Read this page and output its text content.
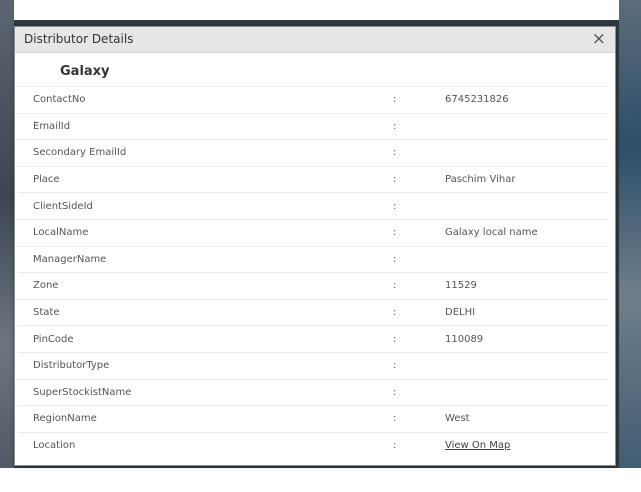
Distributor Details	×
Galaxy
ContactNo	:	6745231826
EmailId	:	
Secondary EmailId	:	
Place	:	Paschim Vihar
ClientSideId	:	
LocalName	:	Galaxy local name
ManagerName	:	
Zone	:	11529
State	:	DELHI
PinCode	:	110089
DistributorType	:	
SuperStockistName	:	
RegionName	:	West
Location	:	View On Map
